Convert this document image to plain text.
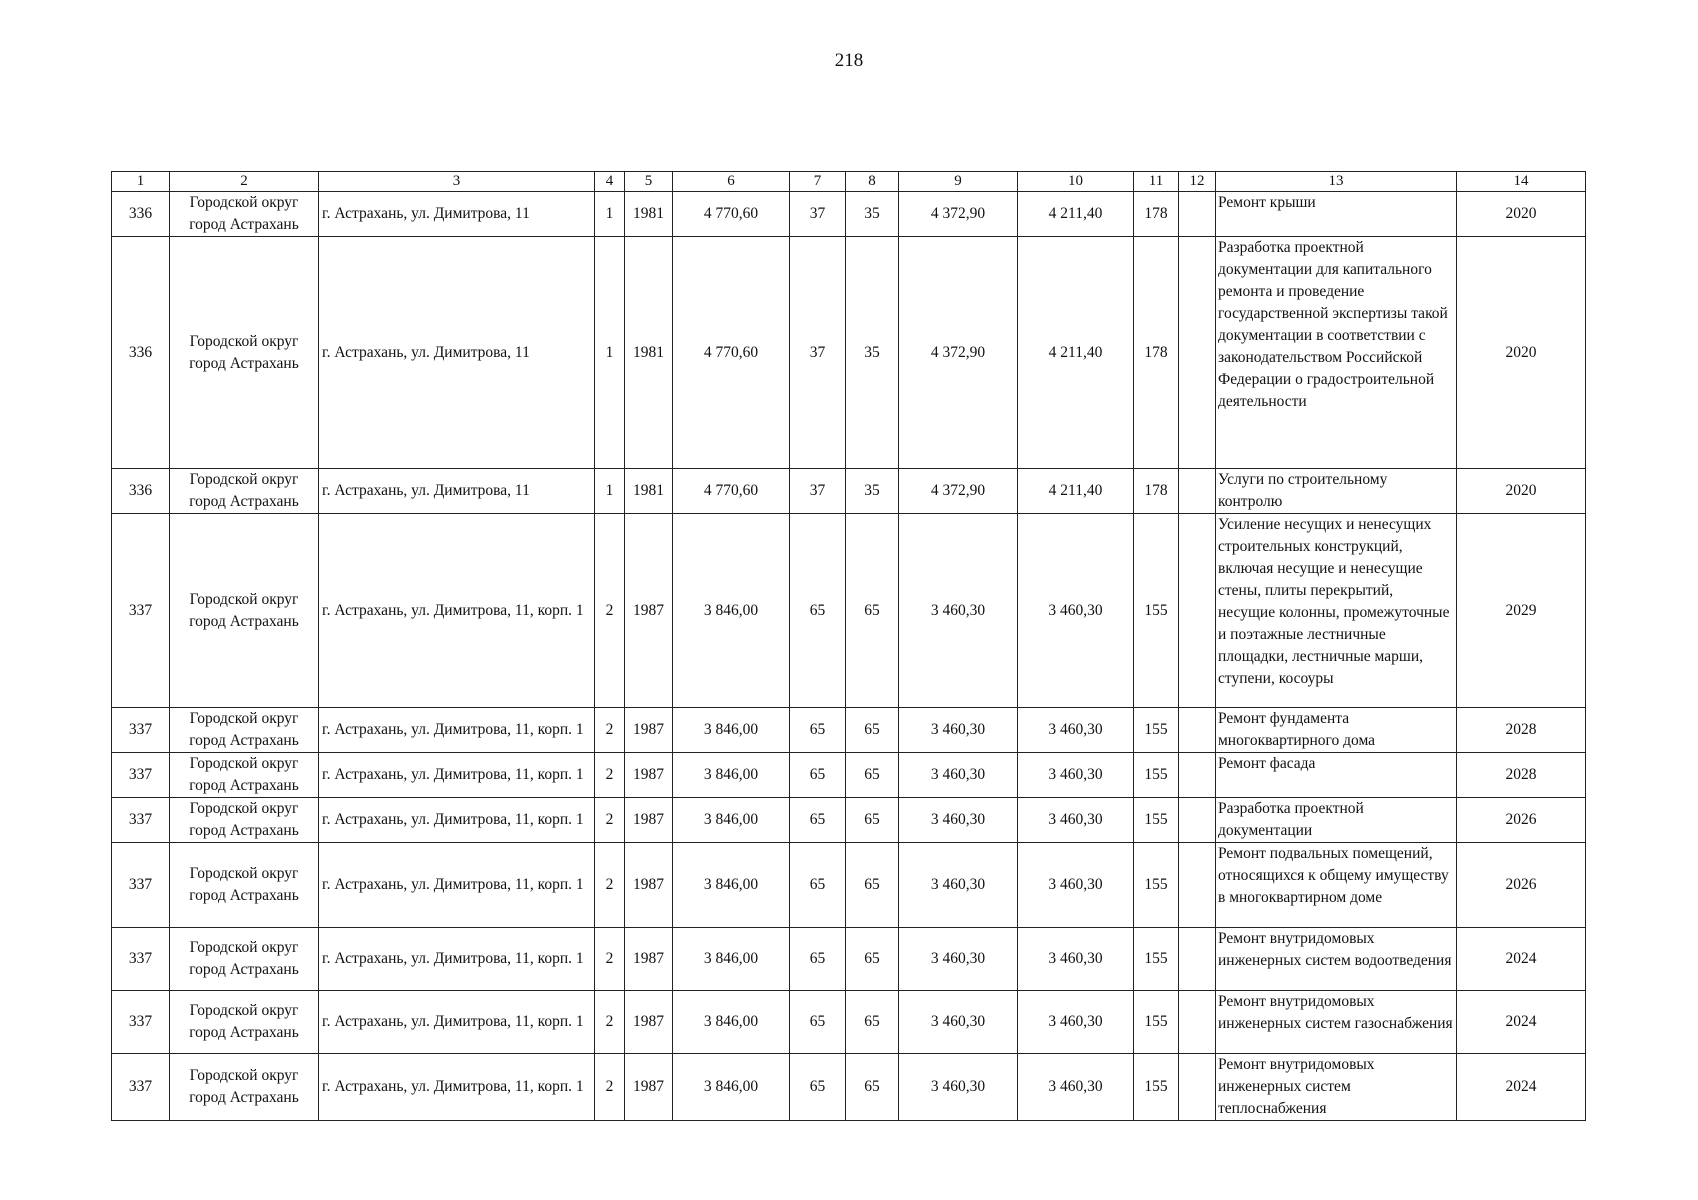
218
1	2	3	4	5	6	7	8	9	10	11	12	13	14
336	Городской округ город Астрахань	г. Астрахань, ул. Димитрова, 11	1	1981	4 770,60	37	35	4 372,90	4 211,40	178		Ремонт крыши	2020
336	Городской округ город Астрахань	г. Астрахань, ул. Димитрова, 11	1	1981	4 770,60	37	35	4 372,90	4 211,40	178		Разработка проектной документации для капитального ремонта и проведение государственной экспертизы такой документации в соответствии с законодательством Российской Федерации о градостроительной деятельности	2020
336	Городской округ город Астрахань	г. Астрахань, ул. Димитрова, 11	1	1981	4 770,60	37	35	4 372,90	4 211,40	178		Услуги по строительному контролю	2020
337	Городской округ город Астрахань	г. Астрахань, ул. Димитрова, 11, корп. 1	2	1987	3 846,00	65	65	3 460,30	3 460,30	155		Усиление несущих и ненесущих строительных конструкций, включая несущие и ненесущие стены, плиты перекрытий, несущие колонны, промежуточные и поэтажные лестничные площадки, лестничные марши, ступени, косоуры	2029
337	Городской округ город Астрахань	г. Астрахань, ул. Димитрова, 11, корп. 1	2	1987	3 846,00	65	65	3 460,30	3 460,30	155		Ремонт фундамента многоквартирного дома	2028
337	Городской округ город Астрахань	г. Астрахань, ул. Димитрова, 11, корп. 1	2	1987	3 846,00	65	65	3 460,30	3 460,30	155		Ремонт фасада	2028
337	Городской округ город Астрахань	г. Астрахань, ул. Димитрова, 11, корп. 1	2	1987	3 846,00	65	65	3 460,30	3 460,30	155		Разработка проектной документации	2026
337	Городской округ город Астрахань	г. Астрахань, ул. Димитрова, 11, корп. 1	2	1987	3 846,00	65	65	3 460,30	3 460,30	155		Ремонт подвальных помещений, относящихся к общему имуществу в многоквартирном доме	2026
337	Городской округ город Астрахань	г. Астрахань, ул. Димитрова, 11, корп. 1	2	1987	3 846,00	65	65	3 460,30	3 460,30	155		Ремонт внутридомовых инженерных систем водоотведения	2024
337	Городской округ город Астрахань	г. Астрахань, ул. Димитрова, 11, корп. 1	2	1987	3 846,00	65	65	3 460,30	3 460,30	155		Ремонт внутридомовых инженерных систем газоснабжения	2024
337	Городской округ город Астрахань	г. Астрахань, ул. Димитрова, 11, корп. 1	2	1987	3 846,00	65	65	3 460,30	3 460,30	155		Ремонт внутридомовых инженерных систем теплоснабжения	2024
